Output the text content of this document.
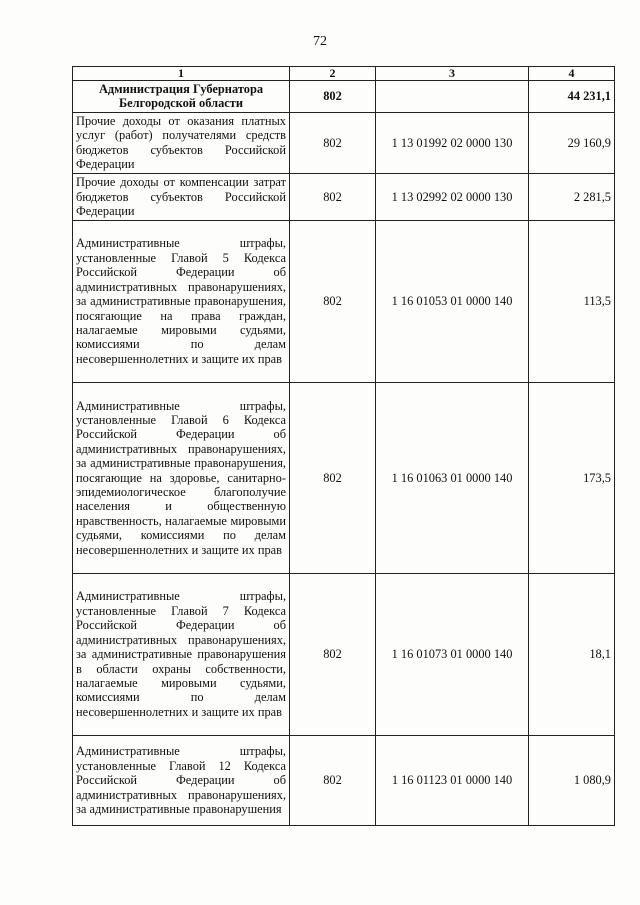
72
1	2	3	4
Администрация Губернатора Белгородской области	802		44 231,1
Прочие доходы от оказания платных услуг (работ) получателями средств бюджетов субъектов Российской Федерации	802	1 13 01992 02 0000 130	29 160,9
Прочие доходы от компенсации затрат бюджетов субъектов Российской Федерации	802	1 13 02992 02 0000 130	2 281,5
Административные штрафы, установленные Главой 5 Кодекса Российской Федерации об административных правонарушениях, за административные правонарушения, посягающие на права граждан, налагаемые мировыми судьями, комиссиями по делам несовершеннолетних и защите их прав	802	1 16 01053 01 0000 140	113,5
Административные штрафы, установленные Главой 6 Кодекса Российской Федерации об административных правонарушениях, за административные правонарушения, посягающие на здоровье, санитарно-эпидемиологическое благополучие населения и общественную нравственность, налагаемые мировыми судьями, комиссиями по делам несовершеннолетних и защите их прав	802	1 16 01063 01 0000 140	173,5
Административные штрафы, установленные Главой 7 Кодекса Российской Федерации об административных правонарушениях, за административные правонарушения в области охраны собственности, налагаемые мировыми судьями, комиссиями по делам несовершеннолетних и защите их прав	802	1 16 01073 01 0000 140	18,1
Административные штрафы, установленные Главой 12 Кодекса Российской Федерации об административных правонарушениях, за административные правонарушения	802	1 16 01123 01 0000 140	1 080,9
